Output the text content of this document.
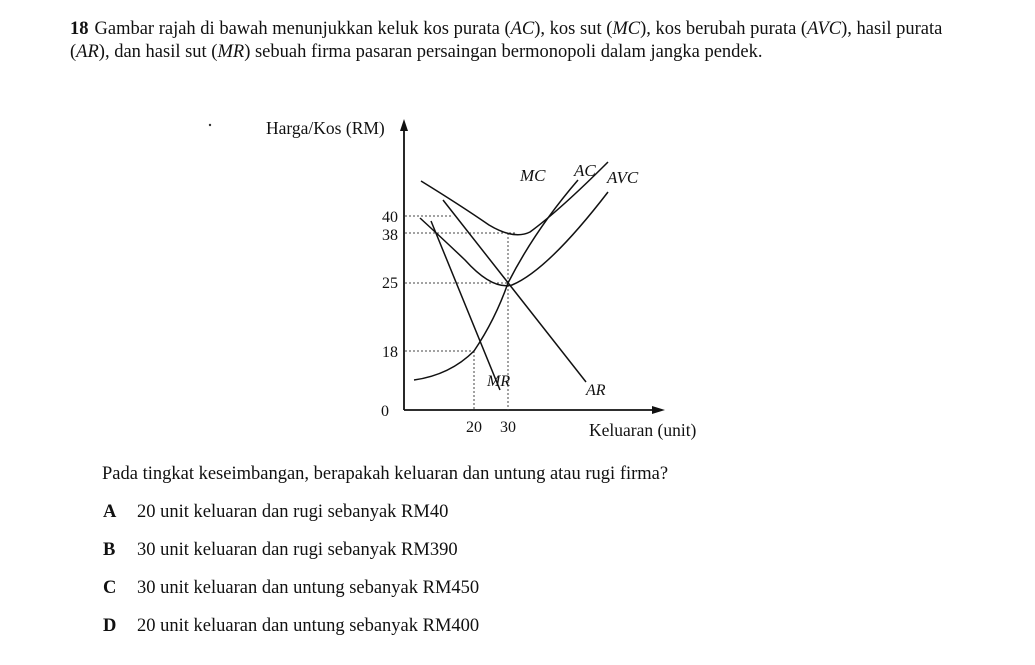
18 Gambar rajah di bawah menunjukkan keluk kos purata (AC), kos sut (MC), kos berubah purata (AVC), hasil purata (AR), dan hasil sut (MR) sebuah firma pasaran persaingan bermonopoli dalam jangka pendek.
Harga/Kos (RM)
Keluaran (unit)
0
20 30
40
38
25
18
MC AC AVC
MR
AR
Pada tingkat keseimbangan, berapakah keluaran dan untung atau rugi firma?
A 20 unit keluaran dan rugi sebanyak RM40
B 30 unit keluaran dan rugi sebanyak RM390
C 30 unit keluaran dan untung sebanyak RM450
D 20 unit keluaran dan untung sebanyak RM400
